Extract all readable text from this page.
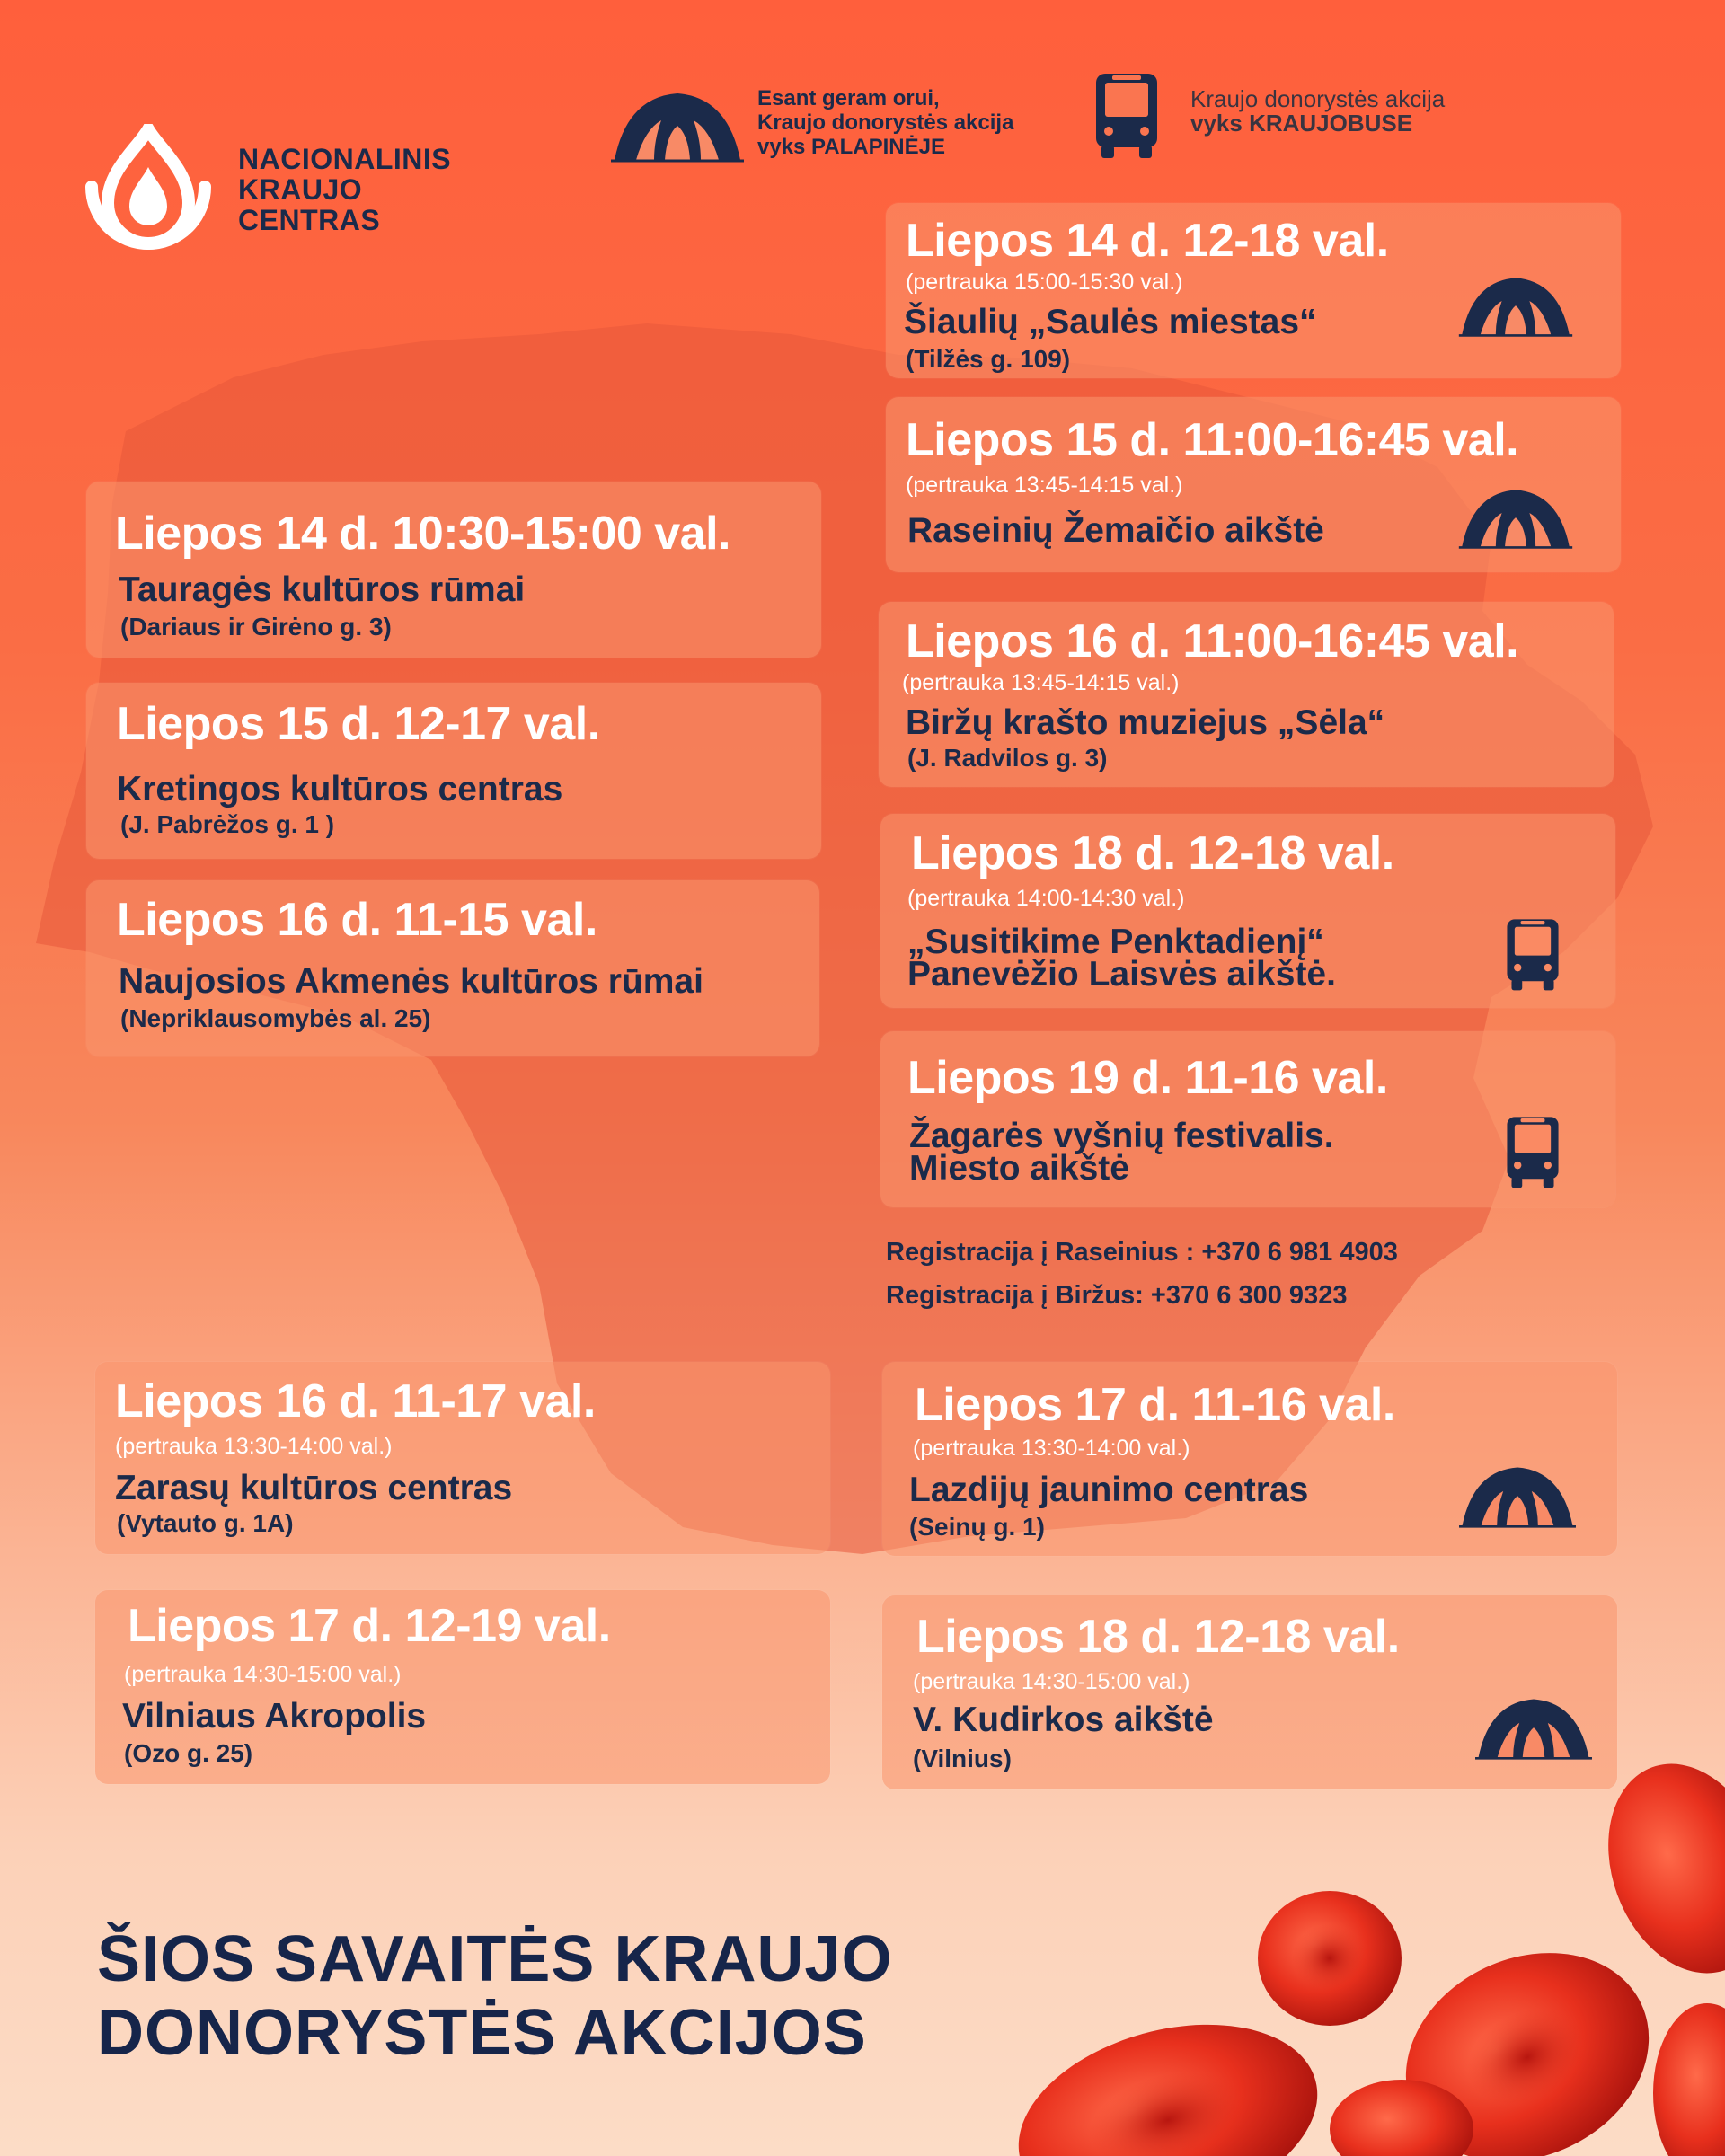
NACIONALINIS
KRAUJO
CENTRAS
Esant geram orui,
Kraujo donorystės akcija
vyks PALAPINĖJE
Kraujo donorystės akcija
vyks KRAUJOBUSE
Liepos 14 d. 12-18 val.
(pertrauka 15:00-15:30 val.)
Šiaulių „Saulės miestas“
(Tilžės g. 109)
Liepos 15 d. 11:00-16:45 val.
(pertrauka 13:45-14:15 val.)
Raseinių Žemaičio aikštė
Liepos 14 d. 10:30-15:00 val.
Tauragės kultūros rūmai
(Dariaus ir Girėno g. 3)	Liepos 16 d. 11:00-16:45 val.
(pertrauka 13:45-14:15 val.)
Biržų krašto muziejus „Sėla“
(J. Radvilos g. 3)
Liepos 15 d. 12-17 val.
Kretingos kultūros centras
(J. Pabrėžos g. 1 )
Liepos 18 d. 12-18 val.
(pertrauka 14:00-14:30 val.)
„Susitikime Penktadienį“
Panevėžio Laisvės aikštė.
Liepos 16 d. 11-15 val.
Naujosios Akmenės kultūros rūmai
(Nepriklausomybės al. 25)
Liepos 19 d. 11-16 val.
Žagarės vyšnių festivalis.
Miesto aikštė
Registracija į Raseinius : +370 6 981 4903
Registracija į Biržus: +370 6 300 9323
Liepos 16 d. 11-17 val.
(pertrauka 13:30-14:00 val.)
Zarasų kultūros centras
(Vytauto g. 1A)
Liepos 17 d. 11-16 val.
(pertrauka 13:30-14:00 val.)
Lazdijų jaunimo centras
(Seinų g. 1)
Liepos 17 d. 12-19 val.
(pertrauka 14:30-15:00 val.)
Vilniaus Akropolis
(Ozo g. 25)
Liepos 18 d. 12-18 val.
(pertrauka 14:30-15:00 val.)
V. Kudirkos aikštė
(Vilnius)
ŠIOS SAVAITĖS KRAUJO
DONORYSTĖS AKCIJOS
